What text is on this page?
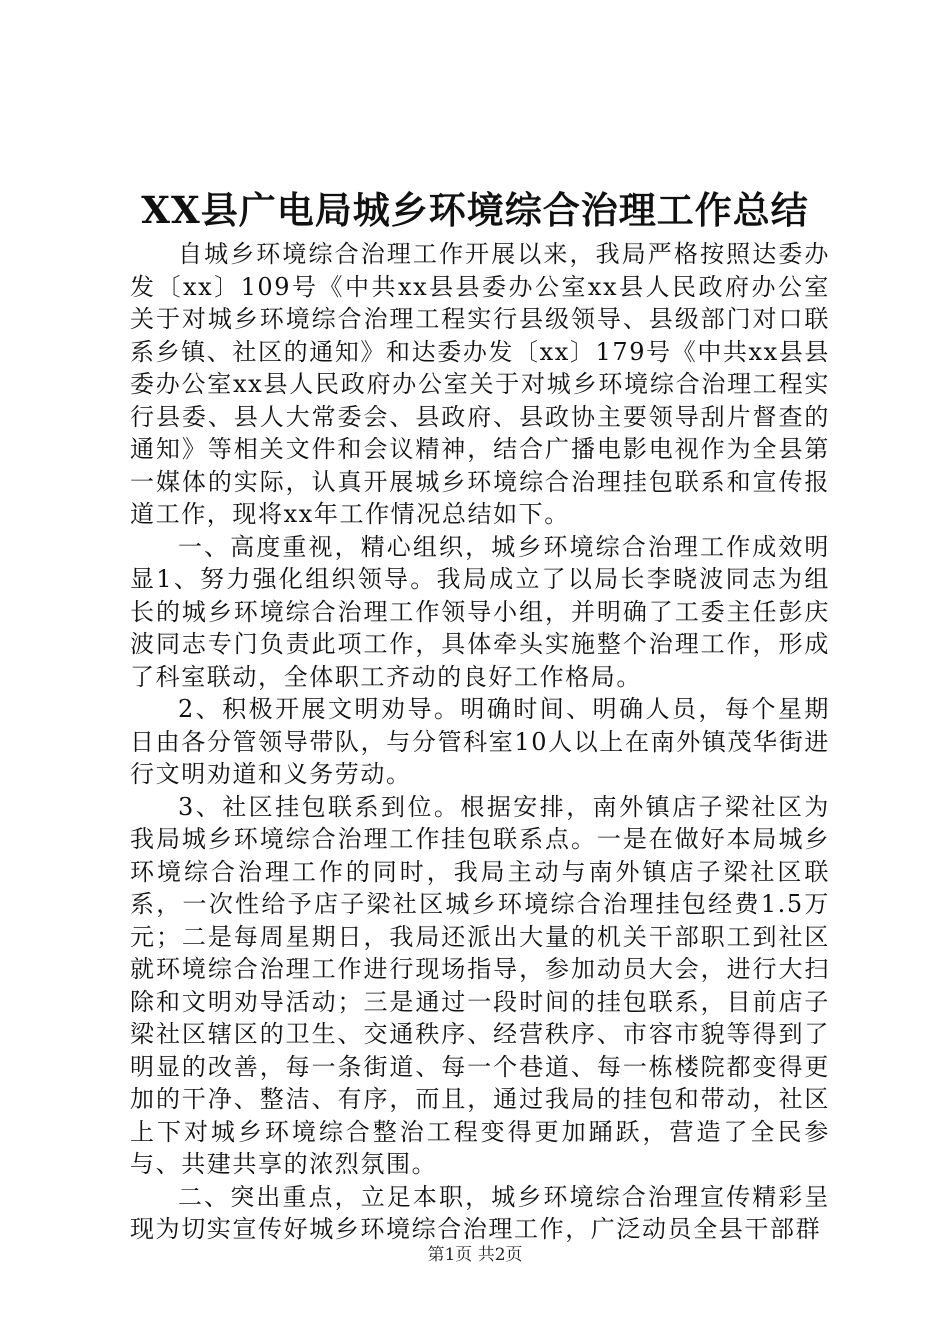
XX县广电局城乡环境综合治理工作总结

自城乡环境综合治理工作开展以来，我局严格按照达委办发〔xx〕109号《中共xx县县委办公室xx县人民政府办公室关于对城乡环境综合治理工程实行县级领导、县级部门对口联系乡镇、社区的通知》和达委办发〔xx〕179号《中共xx县县委办公室xx县人民政府办公室关于对城乡环境综合治理工程实行县委、县人大常委会、县政府、县政协主要领导刮片督查的通知》等相关文件和会议精神，结合广播电影电视作为全县第一媒体的实际，认真开展城乡环境综合治理挂包联系和宣传报道工作，现将xx年工作情况总结如下。

一、高度重视，精心组织，城乡环境综合治理工作成效明显1、努力强化组织领导。我局成立了以局长李晓波同志为组长的城乡环境综合治理工作领导小组，并明确了工委主任彭庆波同志专门负责此项工作，具体牵头实施整个治理工作，形成了科室联动，全体职工齐动的良好工作格局。

2、积极开展文明劝导。明确时间、明确人员，每个星期日由各分管领导带队，与分管科室10人以上在南外镇茂华街进行文明劝道和义务劳动。

3、社区挂包联系到位。根据安排，南外镇店子梁社区为我局城乡环境综合治理工作挂包联系点。一是在做好本局城乡环境综合治理工作的同时，我局主动与南外镇店子梁社区联系，一次性给予店子梁社区城乡环境综合治理挂包经费1.5万元；二是每周星期日，我局还派出大量的机关干部职工到社区就环境综合治理工作进行现场指导，参加动员大会，进行大扫除和文明劝导活动；三是通过一段时间的挂包联系，目前店子梁社区辖区的卫生、交通秩序、经营秩序、市容市貌等得到了明显的改善，每一条街道、每一个巷道、每一栋楼院都变得更加的干净、整洁、有序，而且，通过我局的挂包和带动，社区上下对城乡环境综合整治工程变得更加踊跃，营造了全民参与、共建共享的浓烈氛围。

二、突出重点，立足本职，城乡环境综合治理宣传精彩呈现为切实宣传好城乡环境综合治理工作，广泛动员全县干部群

第1页 共2页
